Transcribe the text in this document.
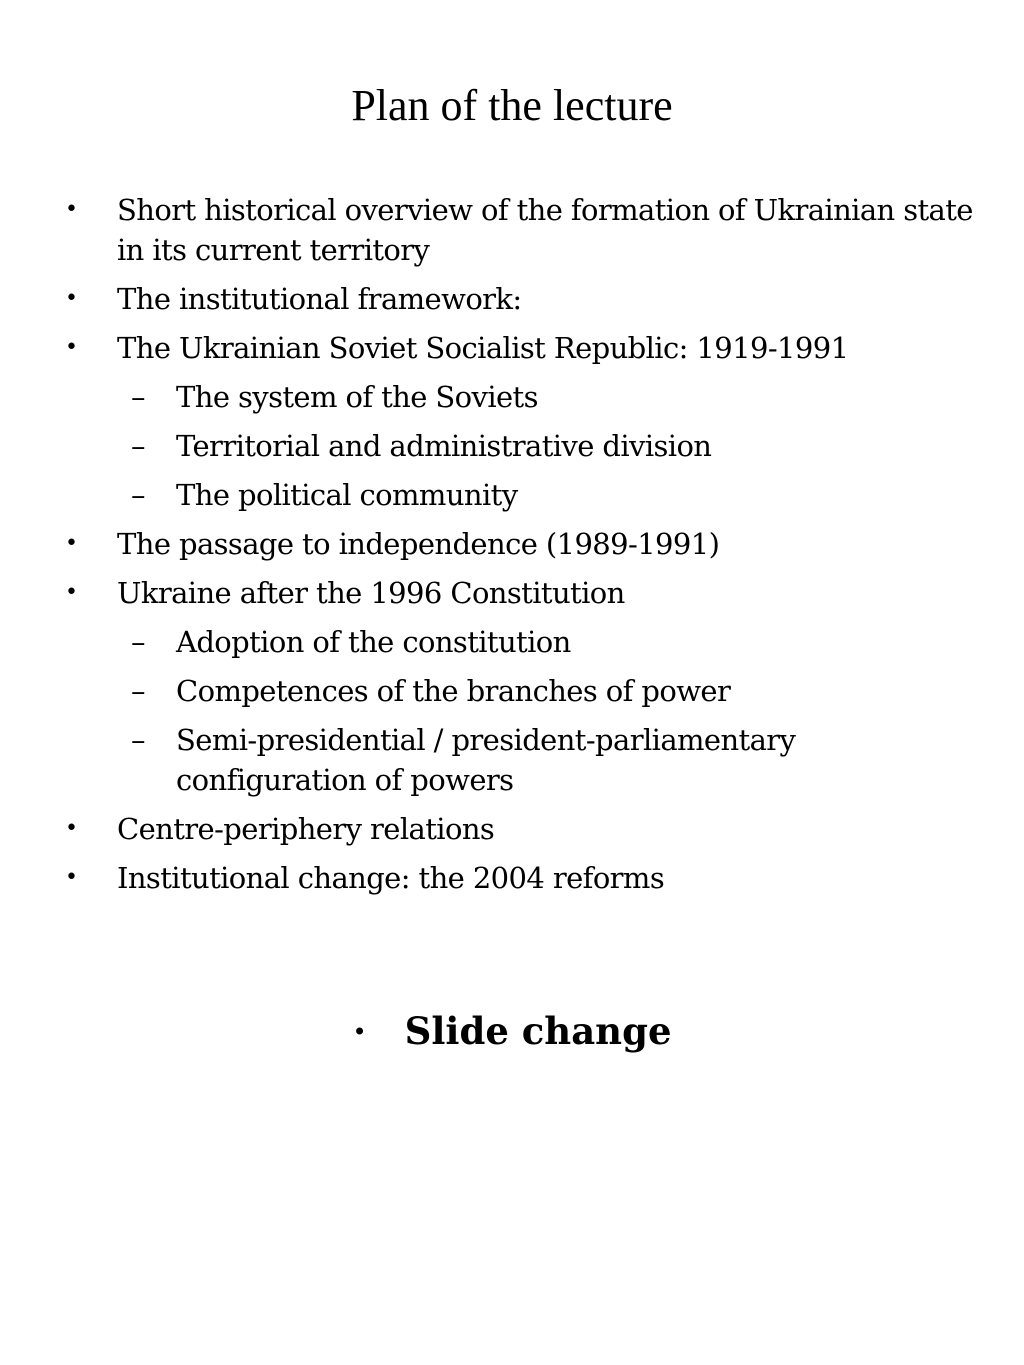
Plan of the lecture
• Short historical overview of the formation of Ukrainian state in its current territory
• The institutional framework:
• The Ukrainian Soviet Socialist Republic: 1919-1991
– The system of the Soviets
– Territorial and administrative division
– The political community
• The passage to independence (1989-1991)
• Ukraine after the 1996 Constitution
– Adoption of the constitution
– Competences of the branches of power
– Semi-presidential / president-parliamentary configuration of powers
• Centre-periphery relations
• Institutional change: the 2004 reforms
• Slide change
